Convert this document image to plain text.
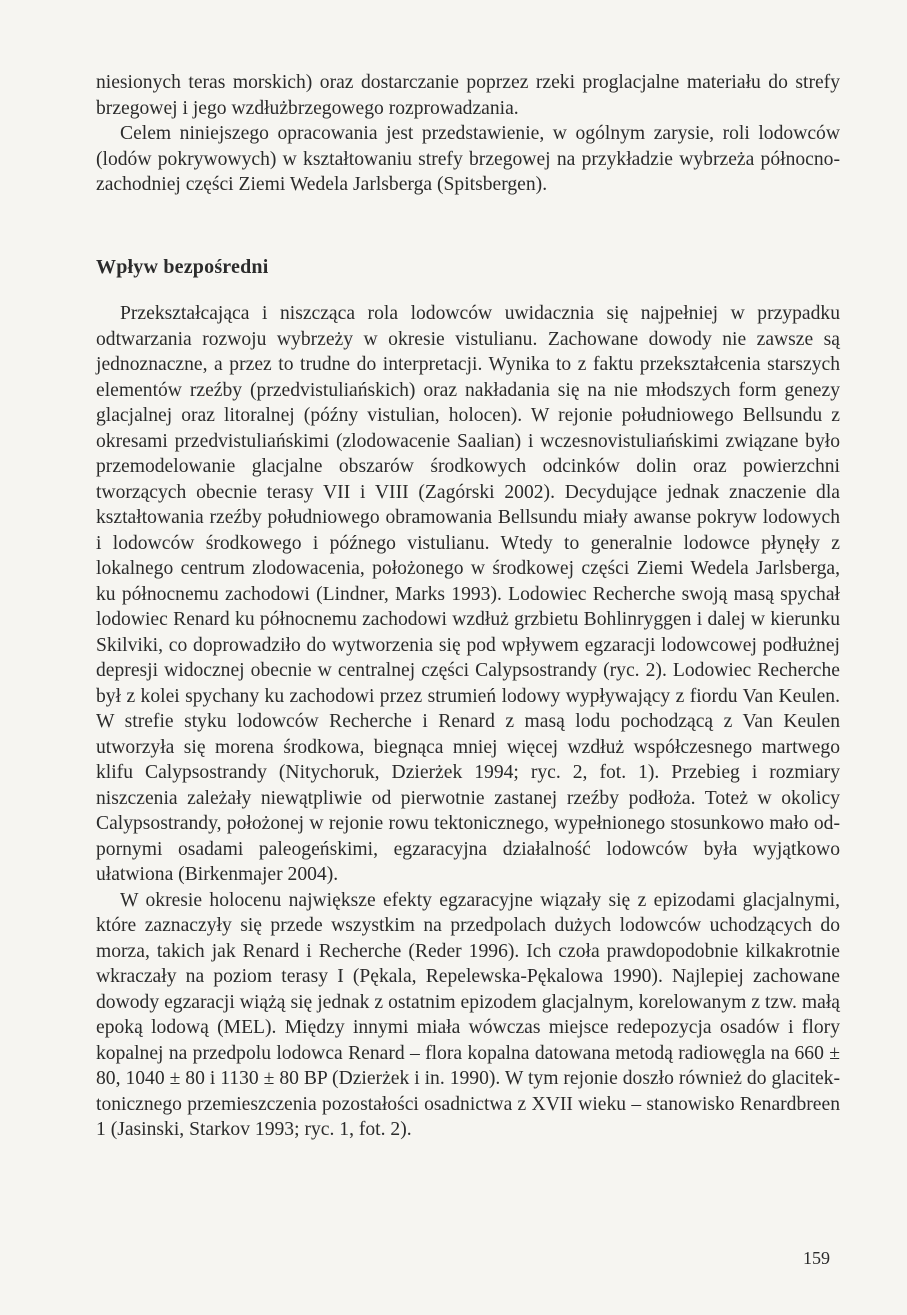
niesionych teras morskich) oraz dostarczanie poprzez rzeki proglacjalne materiału do strefy brzegowej i jego wzdłużbrzegowego rozprowadzania.

Celem niniejszego opracowania jest przedstawienie, w ogólnym zarysie, roli lodowców (lodów pokrywowych) w kształtowaniu strefy brzegowej na przykładzie wybrzeża północno-zachodniej części Ziemi Wedela Jarlsberga (Spitsbergen).

Wpływ bezpośredni

Przekształcająca i niszcząca rola lodowców uwidacznia się najpełniej w przypadku odtwarzania rozwoju wybrzeży w okresie vistulianu. Zachowane dowody nie zawsze są jednoznaczne, a przez to trudne do interpretacji. Wynika to z faktu przekształcenia starszych elementów rzeźby (przedvistuliańskich) oraz nakładania się na nie młodszych form genezy glacjalnej oraz litoralnej (późny vistulian, holocen). W rejonie południowego Bellsundu z okresami przedvistuliańskimi (zlodowacenie Saalian) i wczesnovistuliańskimi związane było przemodelowanie glacjalne obszarów środkowych odcinków dolin oraz powierzchni tworzących obecnie terasy VII i VIII (Zagórski 2002). Decydujące jednak znaczenie dla kształtowania rzeźby południowego obramowania Bellsundu miały awanse pokryw lodowych i lodowców środkowego i późnego vistulianu. Wtedy to generalnie lodowce płynęły z lokalnego centrum zlodowacenia, położonego w środkowej części Ziemi Wedela Jarlsberga, ku północnemu zachodowi (Lindner, Marks 1993). Lodowiec Recherche swoją masą spychał lodowiec Renard ku północnemu zachodowi wzdłuż grzbietu Bohlinryggen i dalej w kierunku Skilviki, co doprowadziło do wytworzenia się pod wpływem egzaracji lodowcowej podłużnej depresji widocznej obecnie w centralnej części Calypsostrandy (ryc. 2). Lodowiec Recherche był z kolei spychany ku zachodowi przez strumień lodowy wypływający z fiordu Van Keulen. W strefie styku lodowców Recherche i Renard z masą lodu pochodzącą z Van Keulen utworzyła się morena środkowa, biegnąca mniej więcej wzdłuż współczesnego martwego klifu Calypsostrandy (Nitychoruk, Dzierżek 1994; ryc. 2, fot. 1). Przebieg i rozmiary niszczenia zależały niewątpliwie od pierwotnie zastanej rzeźby podłoża. Toteż w okolicy Calypsostrandy, położonej w rejonie rowu tektonicznego, wypełnionego stosunkowo mało odpornymi osadami paleogeńskimi, egzaracyjna działalność lodowców była wyjątkowo ułatwiona (Birkenmajer 2004).

W okresie holocenu największe efekty egzaracyjne wiązały się z epizodami glacjalnymi, które zaznaczyły się przede wszystkim na przedpolach dużych lodowców uchodzących do morza, takich jak Renard i Recherche (Reder 1996). Ich czoła prawdopodobnie kilkakrotnie wkraczały na poziom terasy I (Pękala, Repelewska-Pękalowa 1990). Najlepiej zachowane dowody egzaracji wiążą się jednak z ostatnim epizodem glacjalnym, korelowanym z tzw. małą epoką lodową (MEL). Między innymi miała wówczas miejsce redepozycja osadów i flory kopalnej na przedpolu lodowca Renard – flora kopalna datowana metodą radiowęgla na 660 ± 80, 1040 ± 80 i 1130 ± 80 BP (Dzierżek i in. 1990). W tym rejonie doszło również do glacitektonicznego przemieszczenia pozostałości osadnictwa z XVII wieku – stanowisko Renardbreen 1 (Jasinski, Starkov 1993; ryc. 1, fot. 2).

159
